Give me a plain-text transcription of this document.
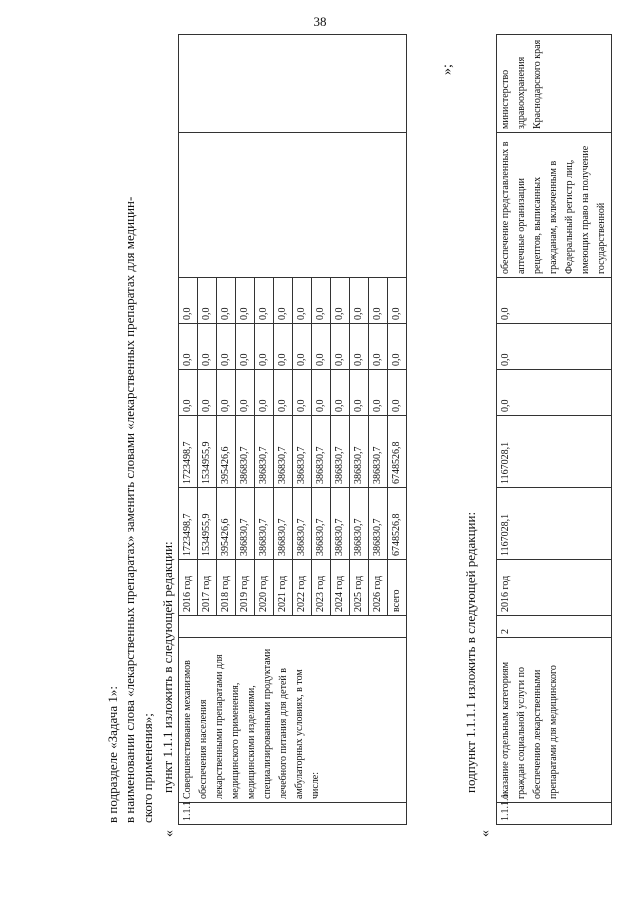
38
в подразделе «Задача 1»: в наименовании слова «лекарственных препаратах» заменить словами «лекарственных препаратах для медицин- ского применения»; пункт 1.1.1 изложить в следующей редакции:
«
1.1.1	Совершенствование механизмов обеспечения населения лекарственными препаратами для медицинского применения, медицинскими изделиями, специализированными продуктами лечебного питания для детей в амбулаторных условиях, в том числе:		2016 год	1723498,7	1723498,7	0,0	0,0	0,0		
			2017 год	1534955,9	1534955,9	0,0	0,0	0,0		
			2018 год	395426,6	395426,6	0,0	0,0	0,0		
			2019 год	386830,7	386830,7	0,0	0,0	0,0		
			2020 год	386830,7	386830,7	0,0	0,0	0,0		
			2021 год	386830,7	386830,7	0,0	0,0	0,0		
			2022 год	386830,7	386830,7	0,0	0,0	0,0		
			2023 год	386830,7	386830,7	0,0	0,0	0,0		
			2024 год	386830,7	386830,7	0,0	0,0	0,0		
			2025 год	386830,7	386830,7	0,0	0,0	0,0		
			2026 год	386830,7	386830,7	0,0	0,0	0,0		
			всего	6748526,8	6748526,8	0,0	0,0	0,0		
»;
подпункт 1.1.1.1 изложить в следующей редакции:
«
1.1.1.1	оказание отдельным категориям граждан социальной услуги по обеспечению лекарственными препаратами для медицинского	2	2016 год	1167028,1	1167028,1	0,0	0,0	0,0	обеспечение представленных в аптечные организации рецептов, выписанных гражданам, включенным в Федеральный регистр лиц, имеющих право на получение государственной	министерство здравоохранения Краснодарского края
